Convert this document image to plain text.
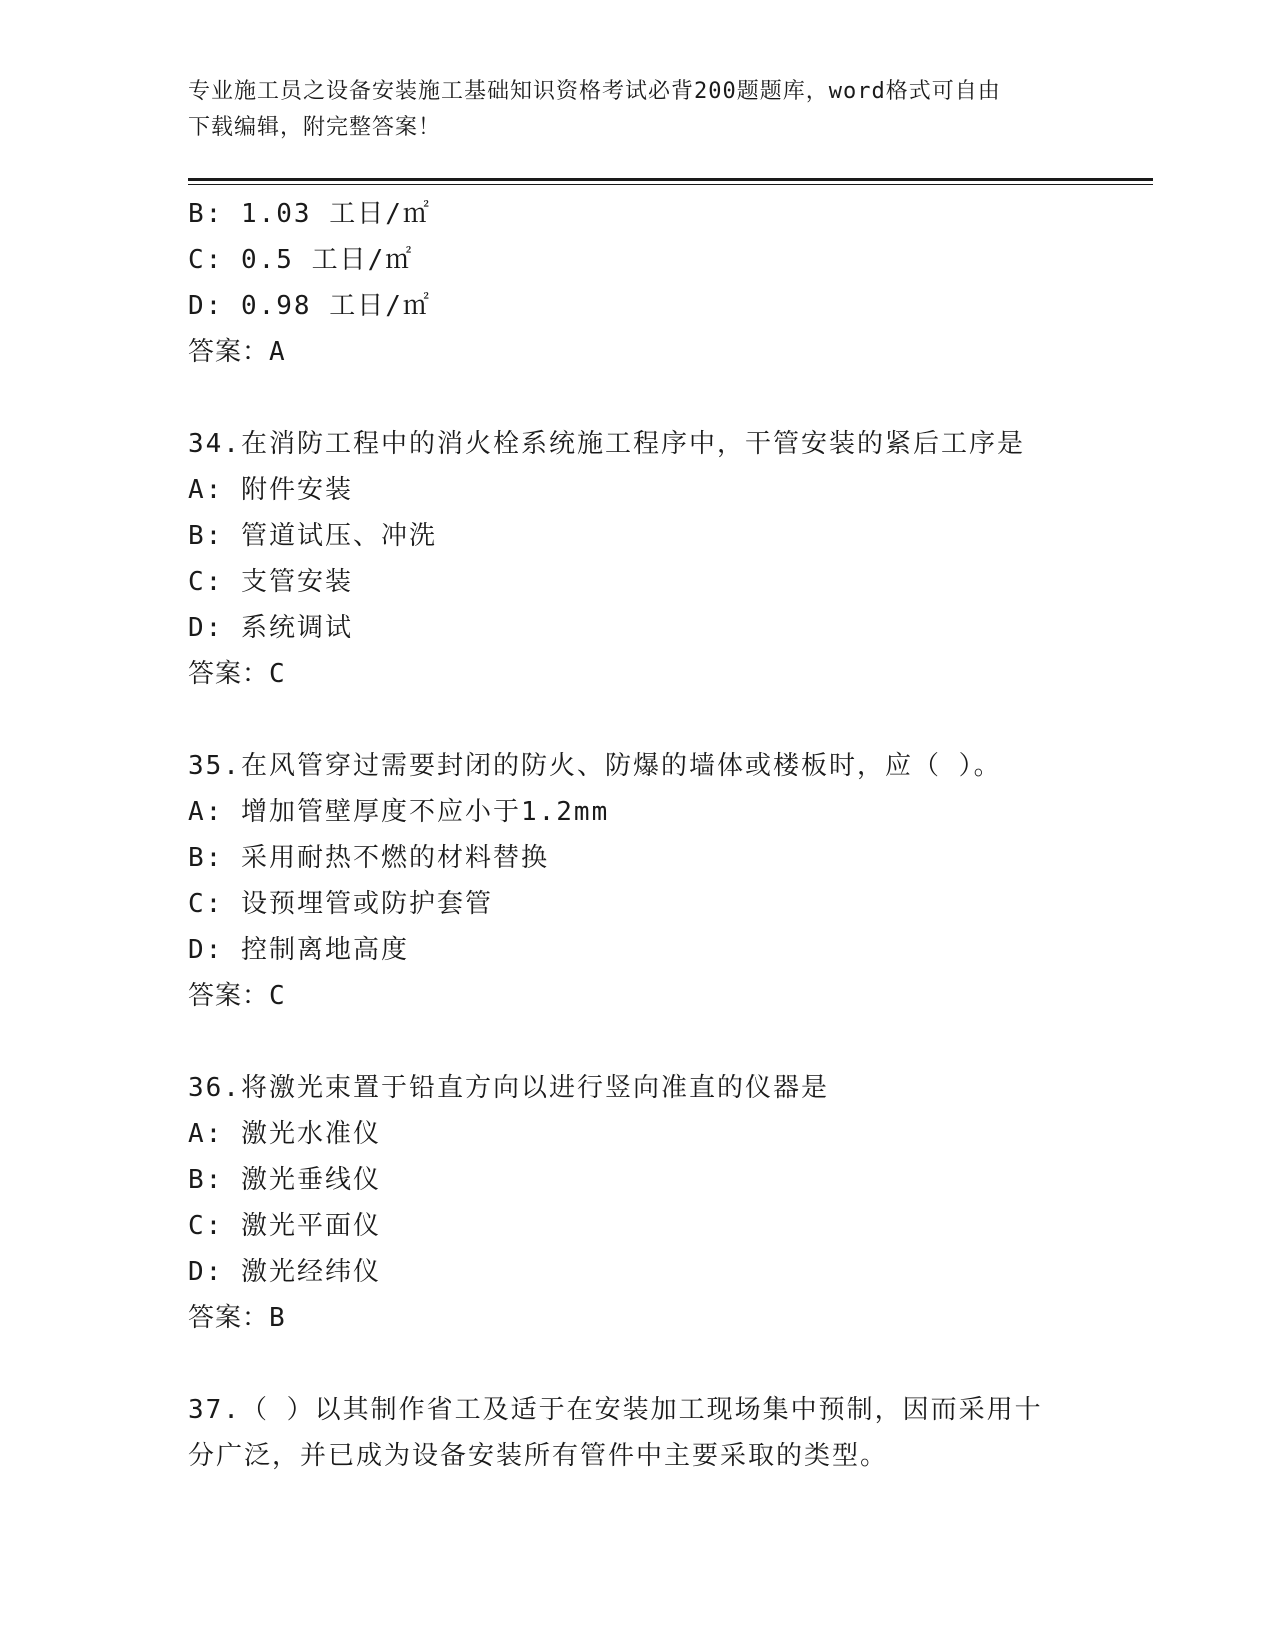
专业施工员之设备安装施工基础知识资格考试必背200题题库，word格式可自由
下载编辑，附完整答案！
B: 1.03 工日/㎡
C: 0.5 工日/㎡
D: 0.98 工日/㎡
答案：A
34.在消防工程中的消火栓系统施工程序中，干管安装的紧后工序是
A: 附件安装
B: 管道试压、冲洗
C: 支管安装
D: 系统调试
答案：C
35.在风管穿过需要封闭的防火、防爆的墙体或楼板时，应（ ）。
A: 增加管壁厚度不应小于1.2mm
B: 采用耐热不燃的材料替换
C: 设预埋管或防护套管
D: 控制离地高度
答案：C
36.将激光束置于铅直方向以进行竖向准直的仪器是
A: 激光水准仪
B: 激光垂线仪
C: 激光平面仪
D: 激光经纬仪
答案：B
37.（ ）以其制作省工及适于在安装加工现场集中预制，因而采用十
分广泛，并已成为设备安装所有管件中主要采取的类型。
